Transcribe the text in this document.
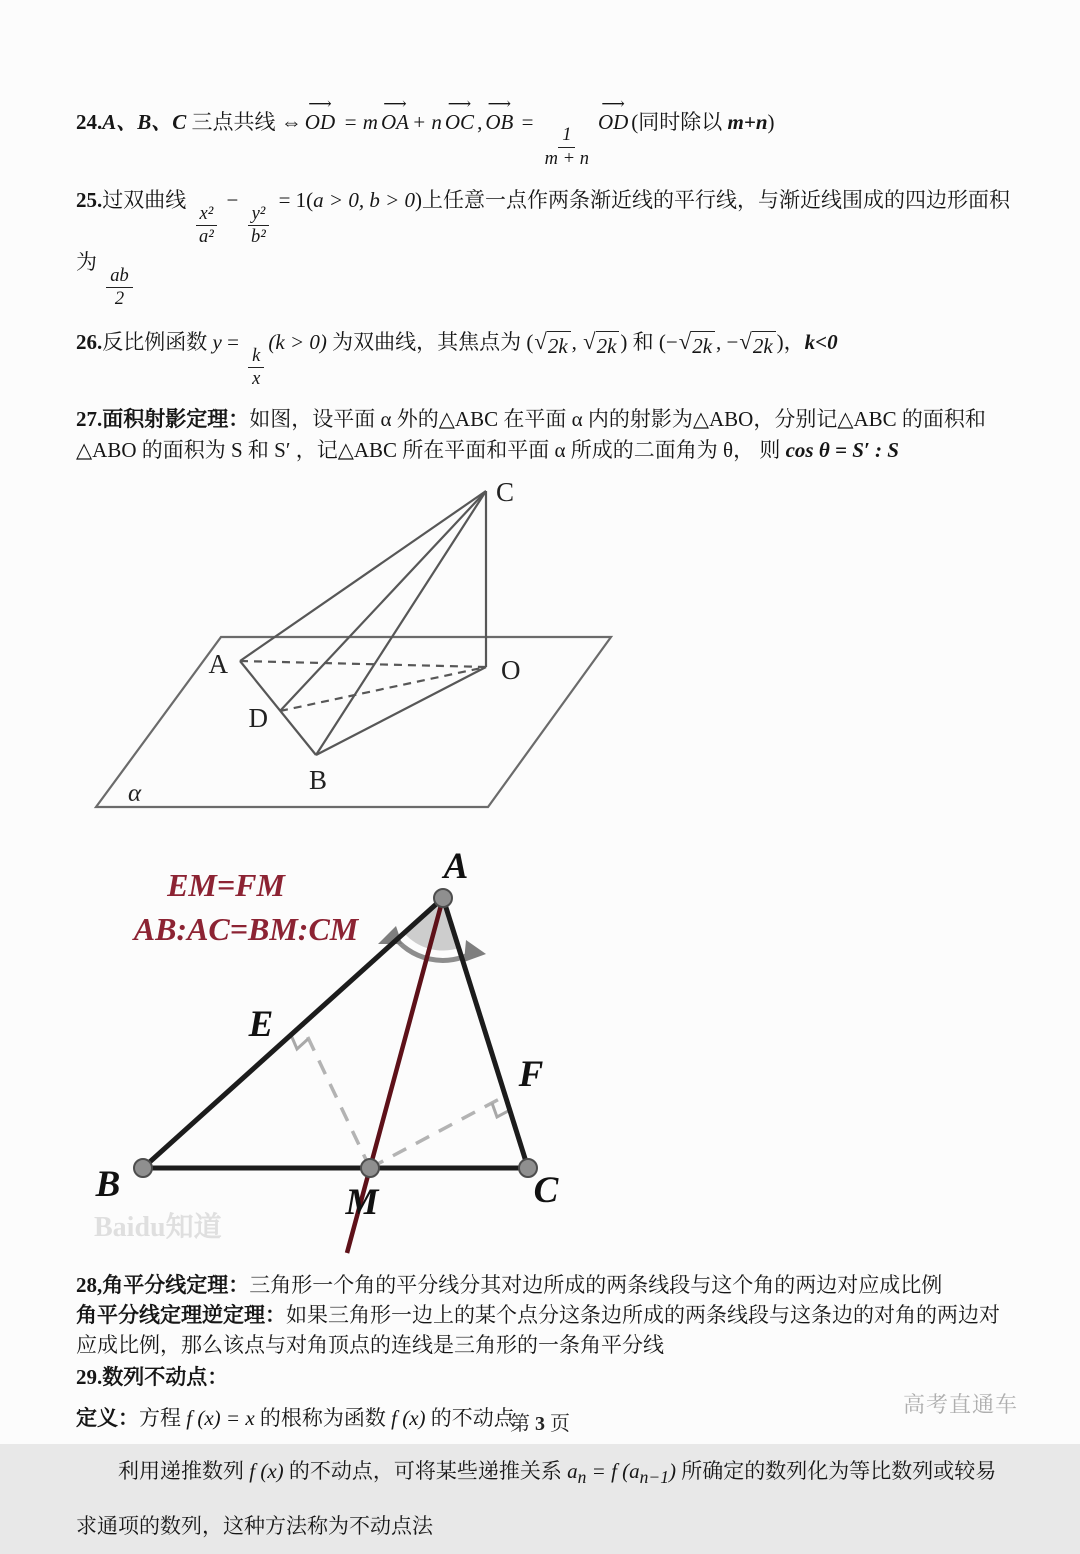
24.A、B、C 三点共线 ⇔
⟶
OD = m
⟶
OA + n
⟶
OC ,
⟶
OB =
$\frac{1}{m + n}$
⟶
OD (同时除以 m+n)

25.过双曲线
$\frac{\text{x²}}{\text{a²}}$
−
$\frac{\text{y²}}{\text{b²}}$
= 1(a > 0, b > 0)上任意一点作两条渐近线的平行线，与渐近线围成的四边形面积为
$\frac{ab}{2}$

26.反比例函数 y =
$\frac{k}{x}$
(k > 0) 为双曲线，其焦点为 ( √ 2k , √ 2k ) 和 (− √ 2k , − √ 2k )，k<0

27.面积射影定理：如图，设平面 α 外的△ABC 在平面 α 内的射影为△ABO，分别记△ABC 的面积和△ABO 的面积为 S 和 S′ ，记△ABC 所在平面和平面 α 所成的二面角为 θ， 则 cos θ = S′ : S

C
A
D
B
O
α

EM=FM
AB:AC=BM:CM
A
B	C
M
E
F
Baidu知道

28,角平分线定理：三角形一个角的平分线分其对边所成的两条线段与这个角的两边对应成比例

角平分线定理逆定理：如果三角形一边上的某个点分这条边所成的两条线段与这条边的对角的两边对应成比例，那么该点与对角顶点的连线是三角形的一条角平分线

29.数列不动点：

定义：方程 f (x) = x 的根称为函数 f (x) 的不动点

利用递推数列 f (x) 的不动点，可将某些递推关系 $a_n = f$ $(a_{n-1})$ 所确定的数列化为等比数列或较易求通项的数列，这种方法称为不动点法

第 3 页
高考直通车
